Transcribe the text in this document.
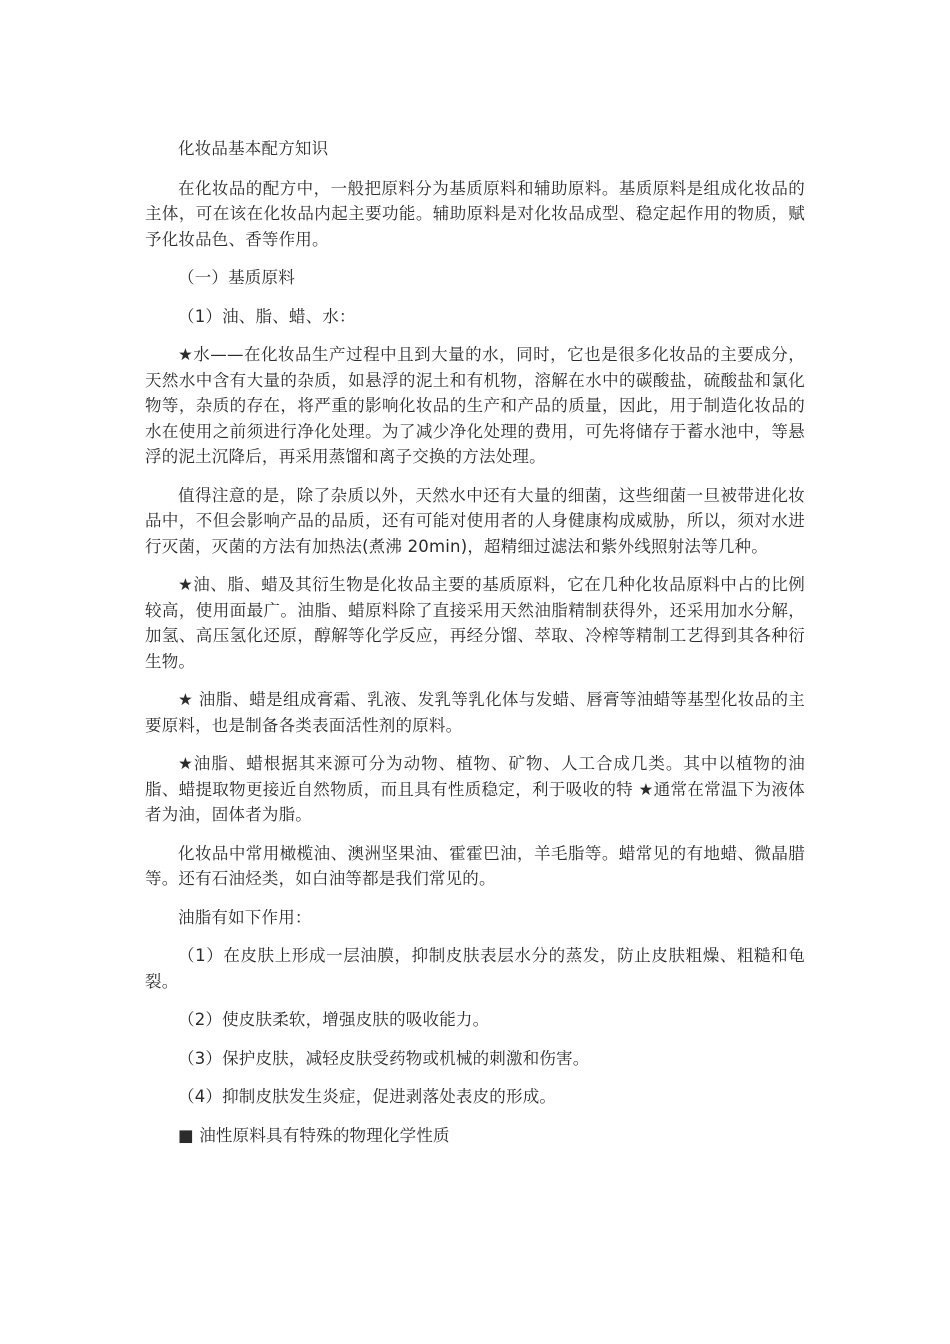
化妆品基本配方知识

在化妆品的配方中，一般把原料分为基质原料和辅助原料。基质原料是组成化妆品的主体，可在该在化妆品内起主要功能。辅助原料是对化妆品成型、稳定起作用的物质，赋予化妆品色、香等作用。

（一）基质原料

（1）油、脂、蜡、水：

★水——在化妆品生产过程中且到大量的水，同时，它也是很多化妆品的主要成分，天然水中含有大量的杂质，如悬浮的泥土和有机物，溶解在水中的碳酸盐，硫酸盐和氯化物等，杂质的存在，将严重的影响化妆品的生产和产品的质量，因此，用于制造化妆品的水在使用之前须进行净化处理。为了减少净化处理的费用，可先将储存于蓄水池中，等悬浮的泥土沉降后，再采用蒸馏和离子交换的方法处理。

值得注意的是，除了杂质以外，天然水中还有大量的细菌，这些细菌一旦被带进化妆品中，不但会影响产品的品质，还有可能对使用者的人身健康构成威胁，所以，须对水进行灭菌，灭菌的方法有加热法(煮沸 20min)，超精细过滤法和紫外线照射法等几种。

★油、脂、蜡及其衍生物是化妆品主要的基质原料，它在几种化妆品原料中占的比例较高，使用面最广。油脂、蜡原料除了直接采用天然油脂精制获得外，还采用加水分解，加氢、高压氢化还原，醇解等化学反应，再经分馏、萃取、冷榨等精制工艺得到其各种衍生物。

★ 油脂、蜡是组成膏霜、乳液、发乳等乳化体与发蜡、唇膏等油蜡等基型化妆品的主要原料，也是制备各类表面活性剂的原料。

★油脂、蜡根据其来源可分为动物、植物、矿物、人工合成几类。其中以植物的油脂、蜡提取物更接近自然物质，而且具有性质稳定，利于吸收的特 ★通常在常温下为液体者为油，固体者为脂。

化妆品中常用橄榄油、澳洲坚果油、霍霍巴油，羊毛脂等。蜡常见的有地蜡、微晶腊等。还有石油烃类，如白油等都是我们常见的。

油脂有如下作用：

（1）在皮肤上形成一层油膜，抑制皮肤表层水分的蒸发，防止皮肤粗燥、粗糙和龟裂。

（2）使皮肤柔软，增强皮肤的吸收能力。

（3）保护皮肤，减轻皮肤受药物或机械的刺激和伤害。

（4）抑制皮肤发生炎症，促进剥落处表皮的形成。

■ 油性原料具有特殊的物理化学性质
